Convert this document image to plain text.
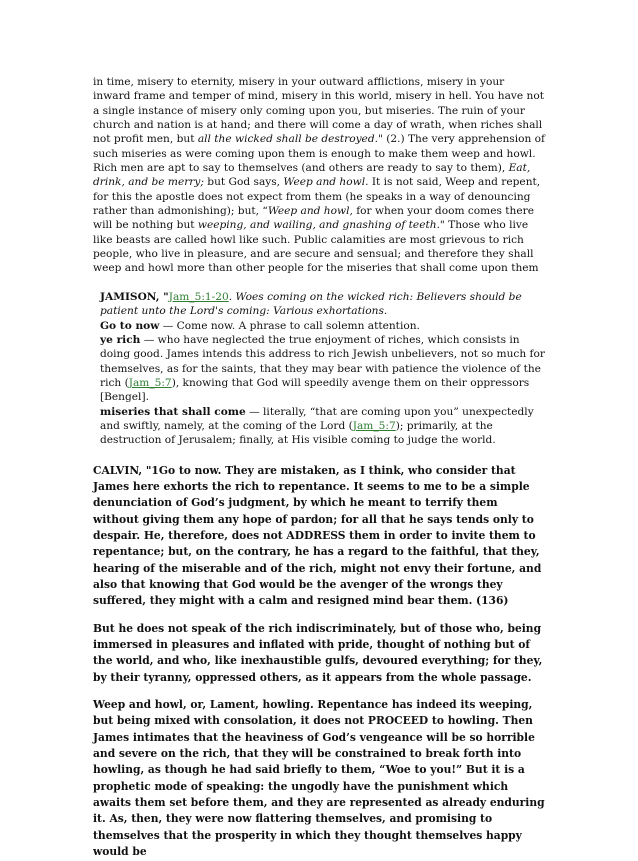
in time, misery to eternity, misery in your outward afflictions, misery in your inward frame and temper of mind, misery in this world, misery in hell. You have not a single instance of misery only coming upon you, but miseries. The ruin of your church and nation is at hand; and there will come a day of wrath, when riches shall not profit men, but all the wicked shall be destroyed." (2.) The very apprehension of such miseries as were coming upon them is enough to make them weep and howl. Rich men are apt to say to themselves (and others are ready to say to them), Eat, drink, and be merry; but God says, Weep and howl. It is not said, Weep and repent, for this the apostle does not expect from them (he speaks in a way of denouncing rather than admonishing); but, “Weep and howl, for when your doom comes there will be nothing but weeping, and wailing, and gnashing of teeth." Those who live like beasts are called howl like such. Public calamities are most grievous to rich people, who live in pleasure, and are secure and sensual; and therefore they shall weep and howl more than other people for the miseries that shall come upon them

JAMISON, "Jam_5:1-20. Woes coming on the wicked rich: Believers should be patient unto the Lord's coming: Various exhortations.

Go to now — Come now. A phrase to call solemn attention.

ye rich — who have neglected the true enjoyment of riches, which consists in doing good. James intends this address to rich Jewish unbelievers, not so much for themselves, as for the saints, that they may bear with patience the violence of the rich (Jam_5:7), knowing that God will speedily avenge them on their oppressors [Bengel].

miseries that shall come — literally, “that are coming upon you” unexpectedly and swiftly, namely, at the coming of the Lord (Jam_5:7); primarily, at the destruction of Jerusalem; finally, at His visible coming to judge the world.

CALVIN, "1Go to now. They are mistaken, as I think, who consider that James here exhorts the rich to repentance. It seems to me to be a simple denunciation of God’s judgment, by which he meant to terrify them without giving them any hope of pardon; for all that he says tends only to despair. He, therefore, does not ADDRESS them in order to invite them to repentance; but, on the contrary, he has a regard to the faithful, that they, hearing of the miserable and of the rich, might not envy their fortune, and also that knowing that God would be the avenger of the wrongs they suffered, they might with a calm and resigned mind bear them. (136)

But he does not speak of the rich indiscriminately, but of those who, being immersed in pleasures and inflated with pride, thought of nothing but of the world, and who, like inexhaustible gulfs, devoured everything; for they, by their tyranny, oppressed others, as it appears from the whole passage.

Weep and howl, or, Lament, howling. Repentance has indeed its weeping, but being mixed with consolation, it does not PROCEED to howling. Then James intimates that the heaviness of God’s vengeance will be so horrible and severe on the rich, that they will be constrained to break forth into howling, as though he had said briefly to them, “Woe to you!” But it is a prophetic mode of speaking: the ungodly have the punishment which awaits them set before them, and they are represented as already enduring it. As, then, they were now flattering themselves, and promising to themselves that the prosperity in which they thought themselves happy would be
